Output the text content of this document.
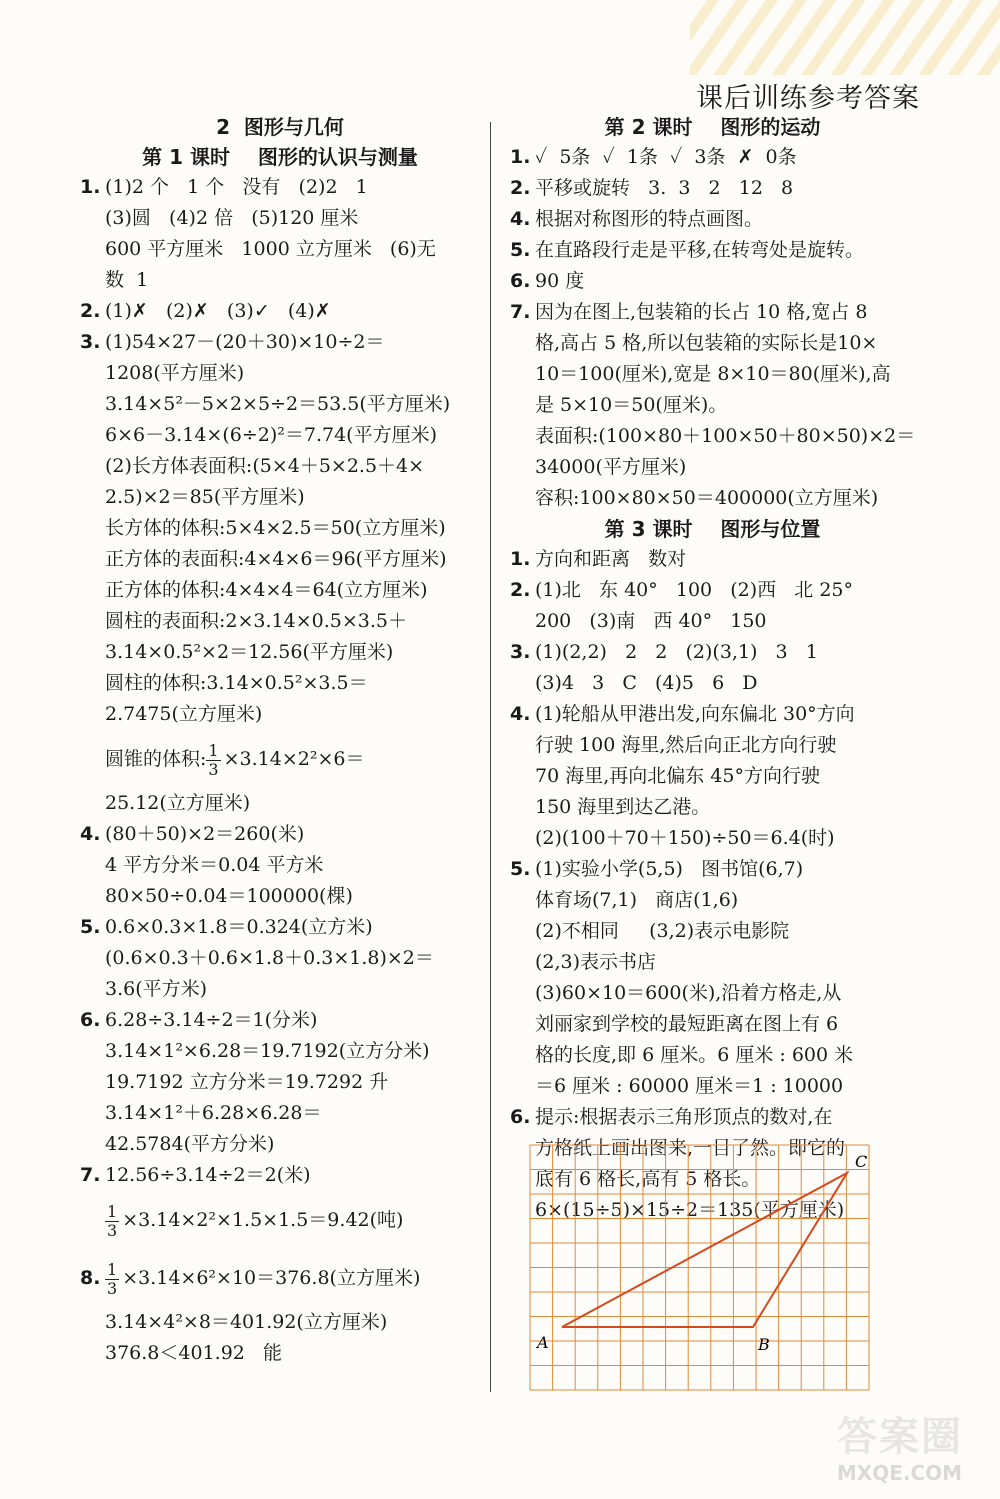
课后训练参考答案
2  图形与几何
第 1 课时    图形的认识与测量
1. (1)2 个   1 个   没有   (2)2   1
(3)圆   (4)2 倍   (5)120 厘米
600 平方厘米   1000 立方厘米   (6)无
数  1
2. (1)✗   (2)✗   (3)✓   (4)✗
3. (1)54×27－(20＋30)×10÷2＝
1208(平方厘米)
3.14×5²－5×2×5÷2＝53.5(平方厘米)
6×6－3.14×(6÷2)²＝7.74(平方厘米)
(2)长方体表面积:(5×4＋5×2.5＋4×
2.5)×2＝85(平方厘米)
长方体的体积:5×4×2.5＝50(立方厘米)
正方体的表面积:4×4×6＝96(平方厘米)
正方体的体积:4×4×4＝64(立方厘米)
圆柱的表面积:2×3.14×0.5×3.5＋
3.14×0.5²×2＝12.56(平方厘米)
圆柱的体积:3.14×0.5²×3.5＝
2.7475(立方厘米)
圆锥的体积: $\frac{1}{3} \times 3.14\times 2^2\times 6=$
25.12(立方厘米)
4. (80＋50)×2＝260(米)
4 平方分米＝0.04 平方米
80×50÷0.04＝100000(棵)
5. 0.6×0.3×1.8＝0.324(立方米)
(0.6×0.3＋0.6×1.8＋0.3×1.8)×2＝
3.6(平方米)
6. 6.28÷3.14÷2＝1(分米)
3.14×1²×6.28＝19.7192(立方分米)
19.7192 立方分米＝19.7292 升
3.14×1²＋6.28×6.28＝
42.5784(平方分米)
7. 12.56÷3.14÷2＝2(米)
$\frac{1}{3} \times 3.14\times 2^2\times 1.5\times 1.5=9.42$(吨)
8. $\frac{1}{3} \times 3.14\times 6^2\times 10=376.8$(立方厘米)
3.14×4²×8＝401.92(立方厘米)
376.8＜401.92   能
第 2 课时    图形的运动
1. ✓  5条  ✓  1条  ✓  3条  ✗  0条
2. 平移或旋转   3.  3   2   12   8
4. 根据对称图形的特点画图。
5. 在直路段行走是平移,在转弯处是旋转。
6. 90 度
7. 因为在图上,包装箱的长占 10 格,宽占 8
格,高占 5 格,所以包装箱的实际长是10×
10＝100(厘米),宽是 8×10＝80(厘米),高
是 5×10＝50(厘米)。
表面积:(100×80＋100×50＋80×50)×2＝
34000(平方厘米)
容积:100×80×50＝400000(立方厘米)
第 3 课时    图形与位置
1. 方向和距离   数对
2. (1)北   东 40°   100   (2)西   北 25°
200   (3)南   西 40°   150
3. (1)(2,2)   2   2   (2)(3,1)   3   1
(3)4   3   C   (4)5   6   D
4. (1)轮船从甲港出发,向东偏北 30°方向
行驶 100 海里,然后向正北方向行驶
70 海里,再向北偏东 45°方向行驶
150 海里到达乙港。
(2)(100＋70＋150)÷50＝6.4(时)
5. (1)实验小学(5,5)   图书馆(6,7)
体育场(7,1)   商店(1,6)
(2)不相同     (3,2)表示电影院
(2,3)表示书店
(3)60×10＝600(米),沿着方格走,从
刘丽家到学校的最短距离在图上有 6
格的长度,即 6 厘米。6 厘米 : 600 米
＝6 厘米 : 60000 厘米＝1 : 10000
6. 提示:根据表示三角形顶点的数对,在
方格纸上画出图来,一目了然。即它的
底有 6 格长,高有 5 格长。
6×(15÷5)×15÷2＝135(平方厘米)
A	B
C
答案圈
MXQE.COM
